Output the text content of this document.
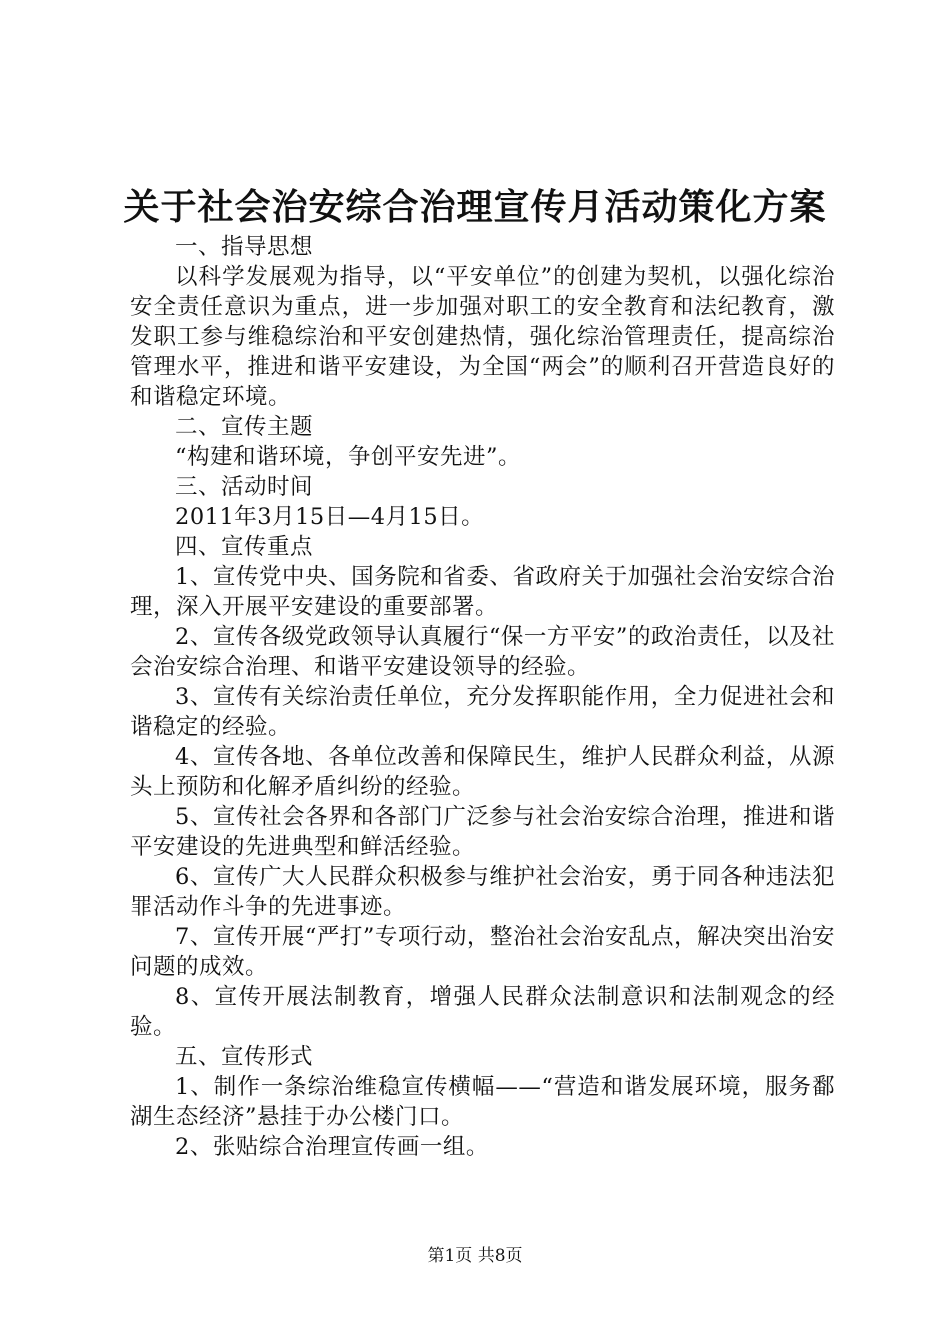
关于社会治安综合治理宣传月活动策化方案

一、指导思想

以科学发展观为指导，以“平安单位”的创建为契机，以强化综治安全责任意识为重点，进一步加强对职工的安全教育和法纪教育，激发职工参与维稳综治和平安创建热情，强化综治管理责任，提高综治管理水平，推进和谐平安建设，为全国“两会”的顺利召开营造良好的和谐稳定环境。

二、宣传主题

“构建和谐环境，争创平安先进”。

三、活动时间

2011年3月15日—4月15日。

四、宣传重点

1、宣传党中央、国务院和省委、省政府关于加强社会治安综合治理，深入开展平安建设的重要部署。

2、宣传各级党政领导认真履行“保一方平安”的政治责任，以及社会治安综合治理、和谐平安建设领导的经验。

3、宣传有关综治责任单位，充分发挥职能作用，全力促进社会和谐稳定的经验。

4、宣传各地、各单位改善和保障民生，维护人民群众利益，从源头上预防和化解矛盾纠纷的经验。

5、宣传社会各界和各部门广泛参与社会治安综合治理，推进和谐平安建设的先进典型和鲜活经验。

6、宣传广大人民群众积极参与维护社会治安，勇于同各种违法犯罪活动作斗争的先进事迹。

7、宣传开展“严打”专项行动，整治社会治安乱点，解决突出治安问题的成效。

8、宣传开展法制教育，增强人民群众法制意识和法制观念的经验。

五、宣传形式

1、制作一条综治维稳宣传横幅——“营造和谐发展环境，服务鄱湖生态经济”悬挂于办公楼门口。

2、张贴综合治理宣传画一组。

第1页 共8页
